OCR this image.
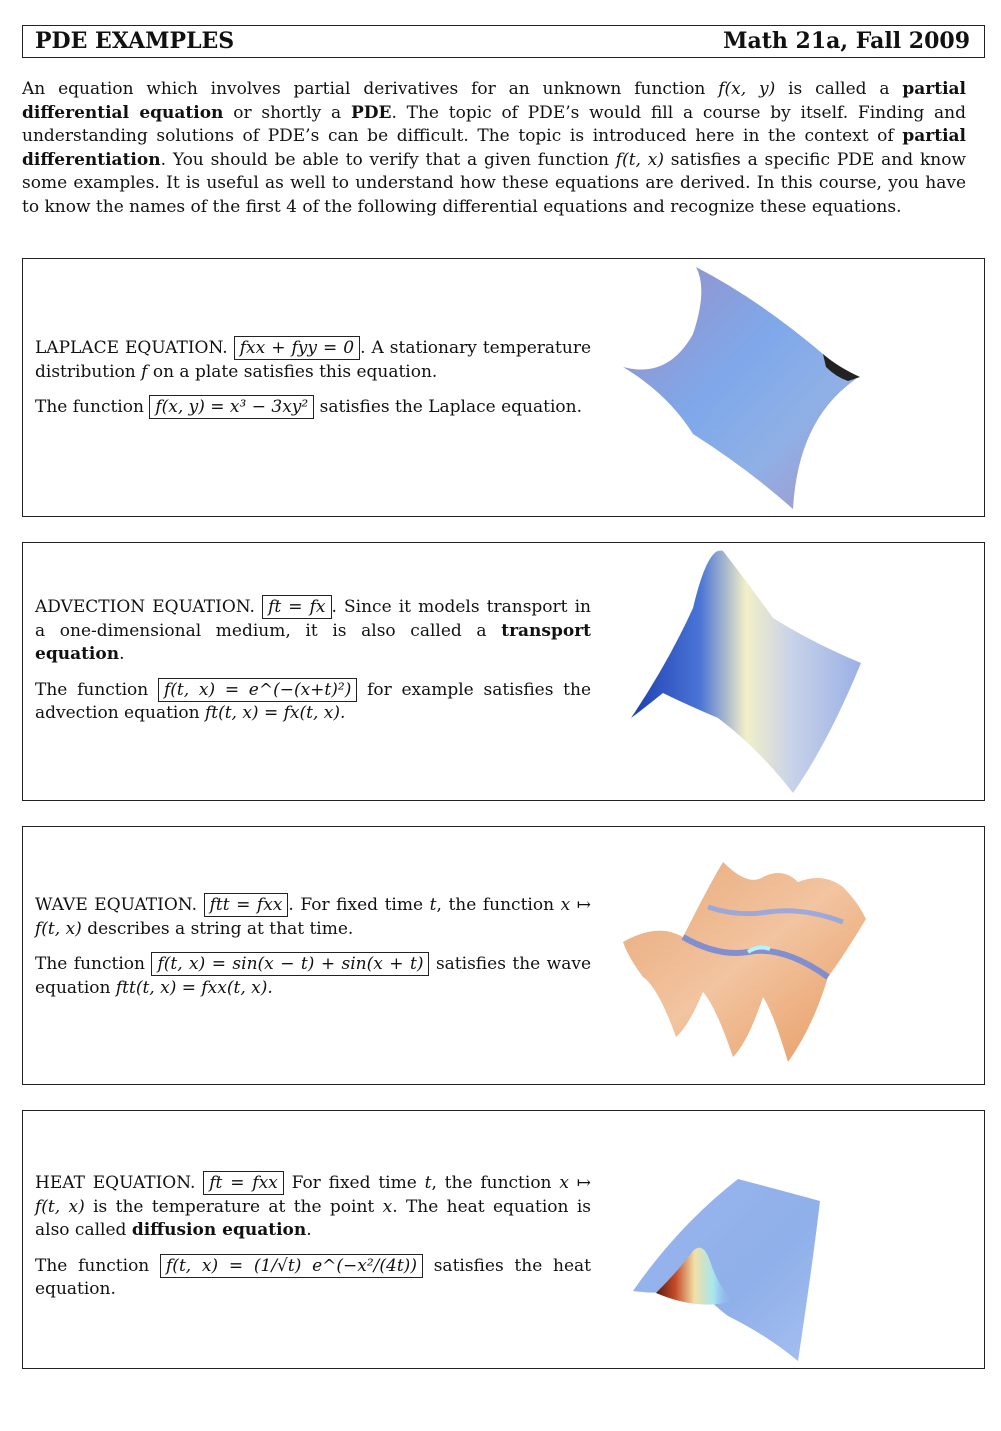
PDE EXAMPLES	Math 21a, Fall 2009
An equation which involves partial derivatives for an unknown function f(x, y) is called a partial differential equation or shortly a PDE. The topic of PDE’s would fill a course by itself. Finding and understanding solutions of PDE’s can be difficult. The topic is introduced here in the context of partial differentiation. You should be able to verify that a given function f(t, x) satisfies a specific PDE and know some examples. It is useful as well to understand how these equations are derived. In this course, you have to know the names of the first 4 of the following differential equations and recognize these equations.
LAPLACE EQUATION. fxx + fyy = 0 . A stationary temperature distribution f on a plate satisfies this equation.
The function f(x, y) = x³ − 3xy² satisfies the Laplace equation.
ADVECTION EQUATION. ft = fx . Since it models transport in a one-dimensional medium, it is also called a transport equation.
The function f(t, x) = e^(−(x+t)²) for example satisfies the advection equation ft(t, x) = fx(t, x).
WAVE EQUATION. ftt = fxx . For fixed time t, the function x ↦ f(t, x) describes a string at that time.
The function f(t, x) = sin(x − t) + sin(x + t) satisfies the wave equation ftt(t, x) = fxx(t, x).
HEAT EQUATION. ft = fxx For fixed time t, the function x ↦ f(t, x) is the temperature at the point x. The heat equation is also called diffusion equation.
The function f(t, x) = (1/√t) e^(−x²/(4t)) satisfies the heat equation.
